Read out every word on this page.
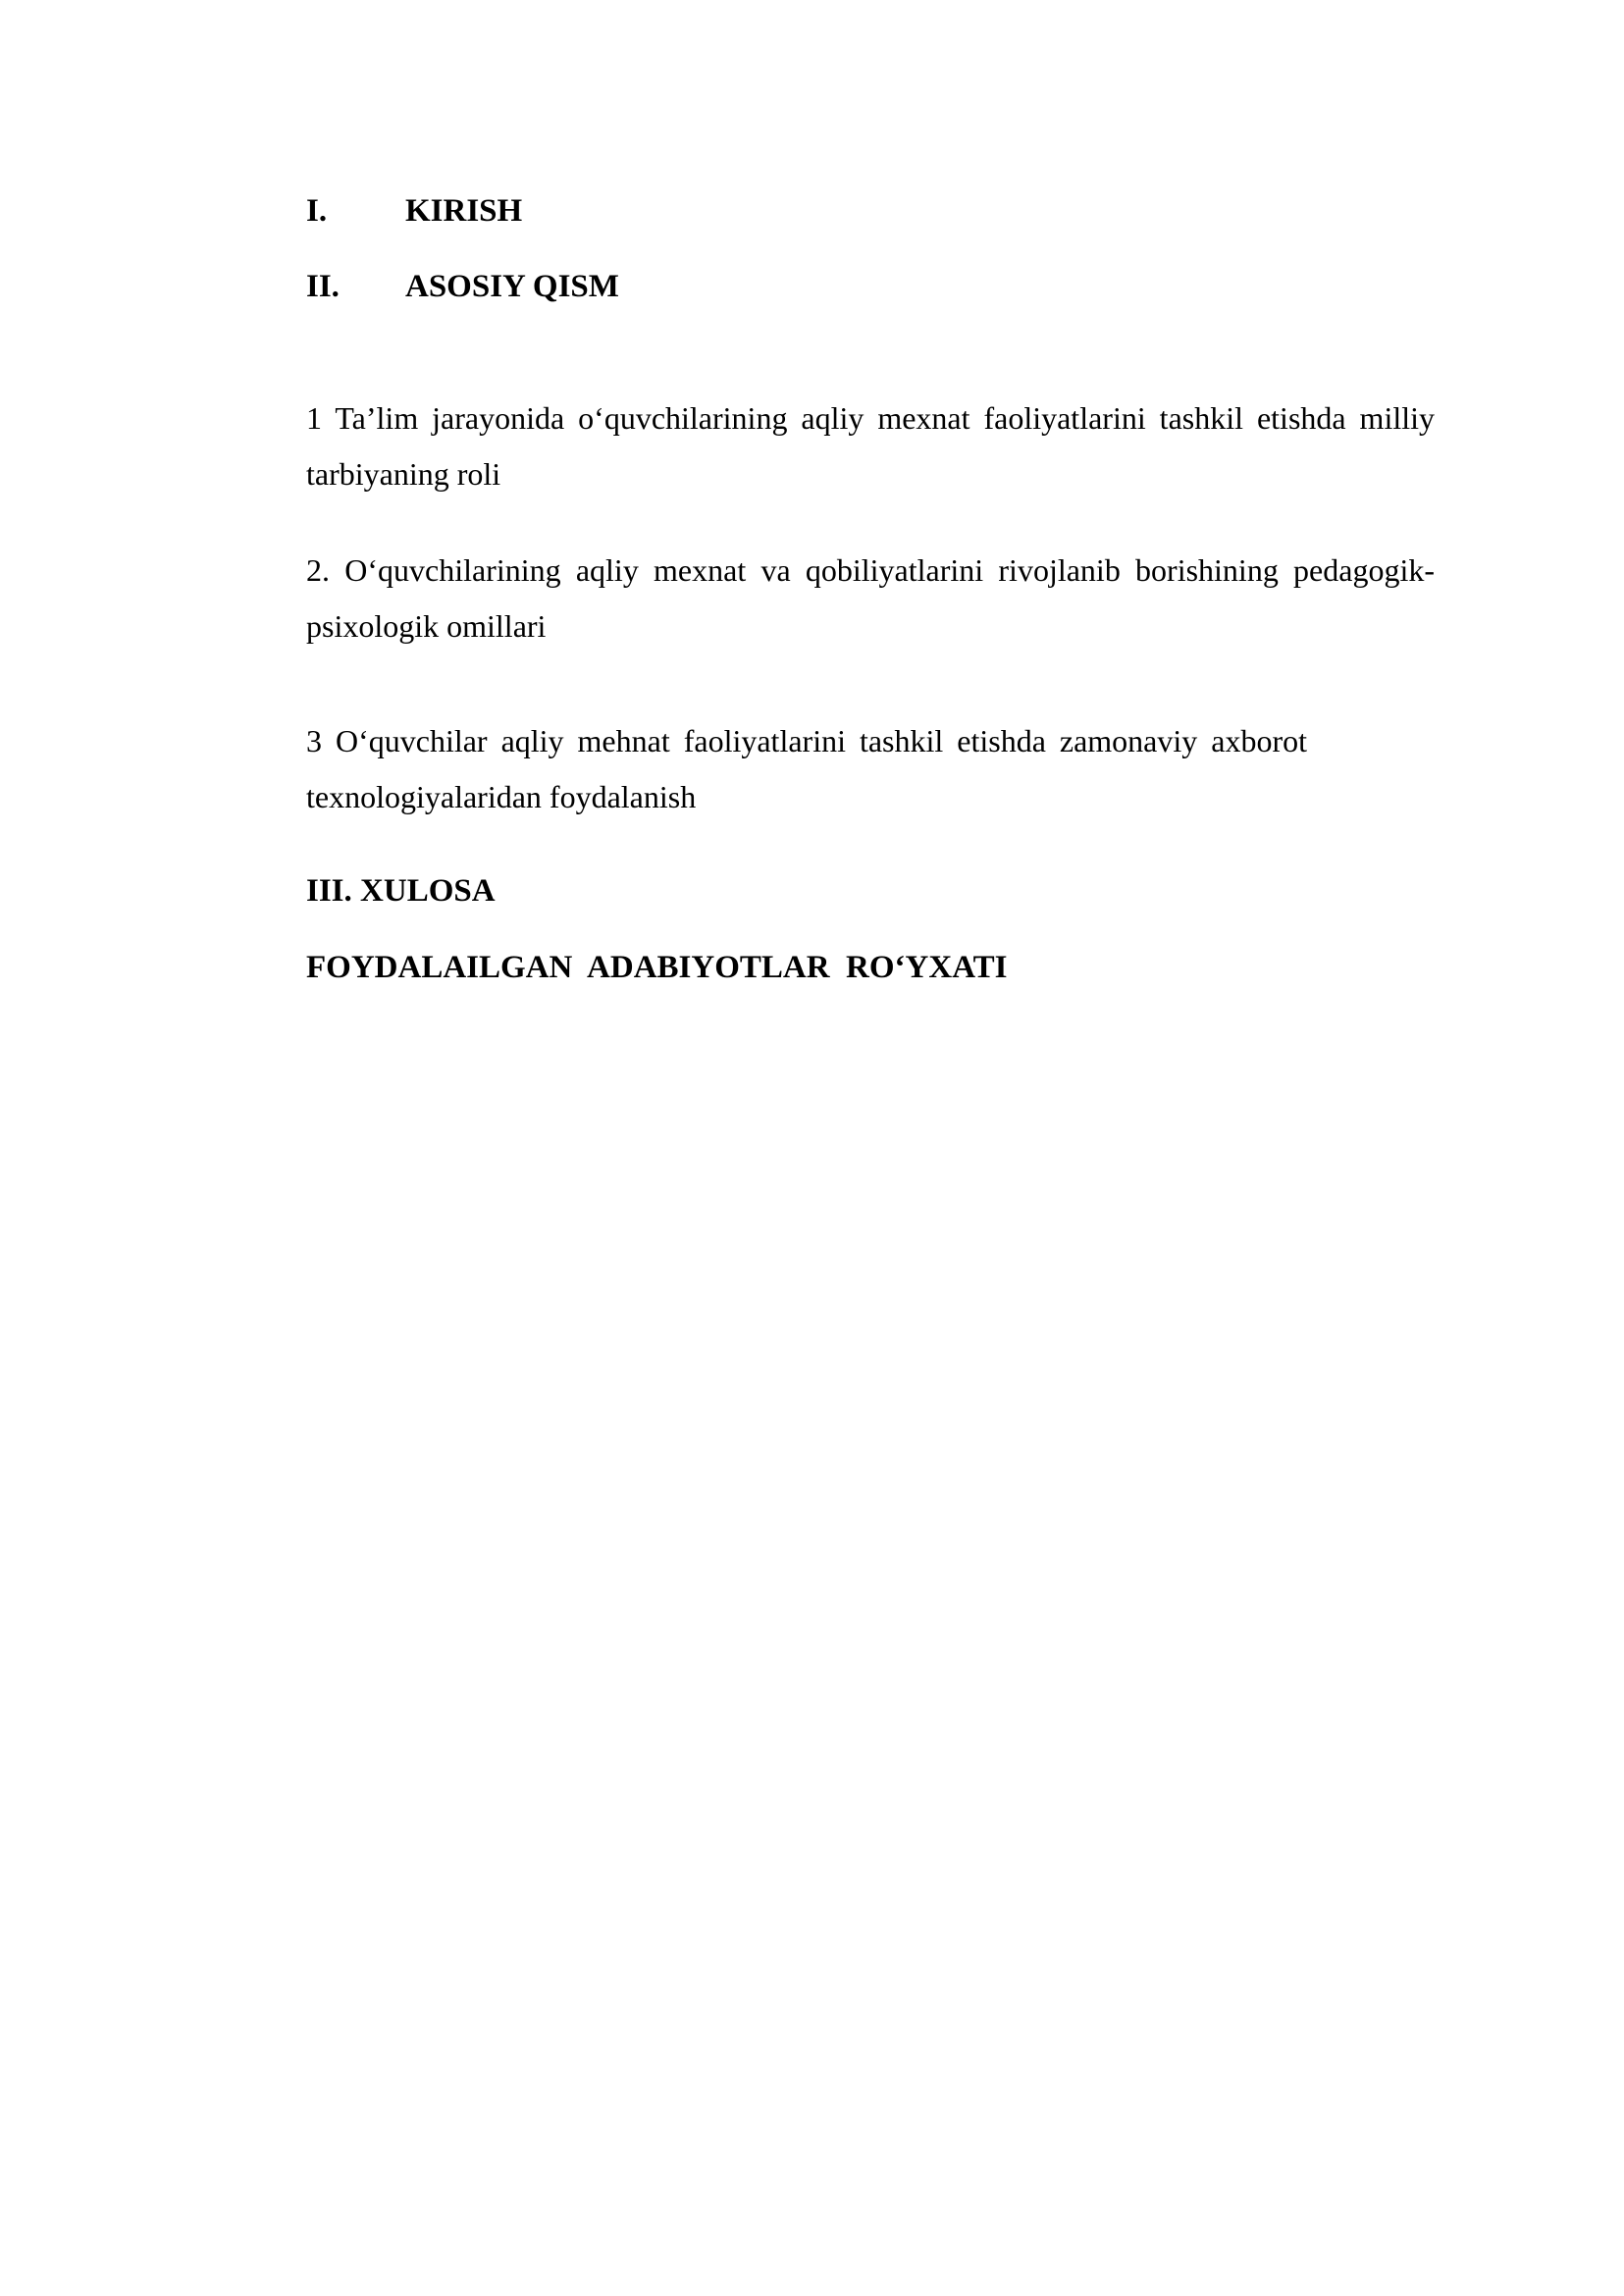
I. KIRISH
II. ASOSIY QISM
1 Ta’lim jarayonida o‘quvchilarining aqliy mexnat faoliyatlarini tashkil etishda milliy
tarbiyaning roli
2. O‘quvchilarining aqliy mexnat va qobiliyatlarini rivojlanib borishining pedagogik-
psixologik omillari
3 O‘quvchilar aqliy mehnat faoliyatlarini tashkil etishda zamonaviy axborot
texnologiyalaridan foydalanish
III. XULOSA
FOYDALAILGAN  ADABIYOTLAR  RO‘YXATI
